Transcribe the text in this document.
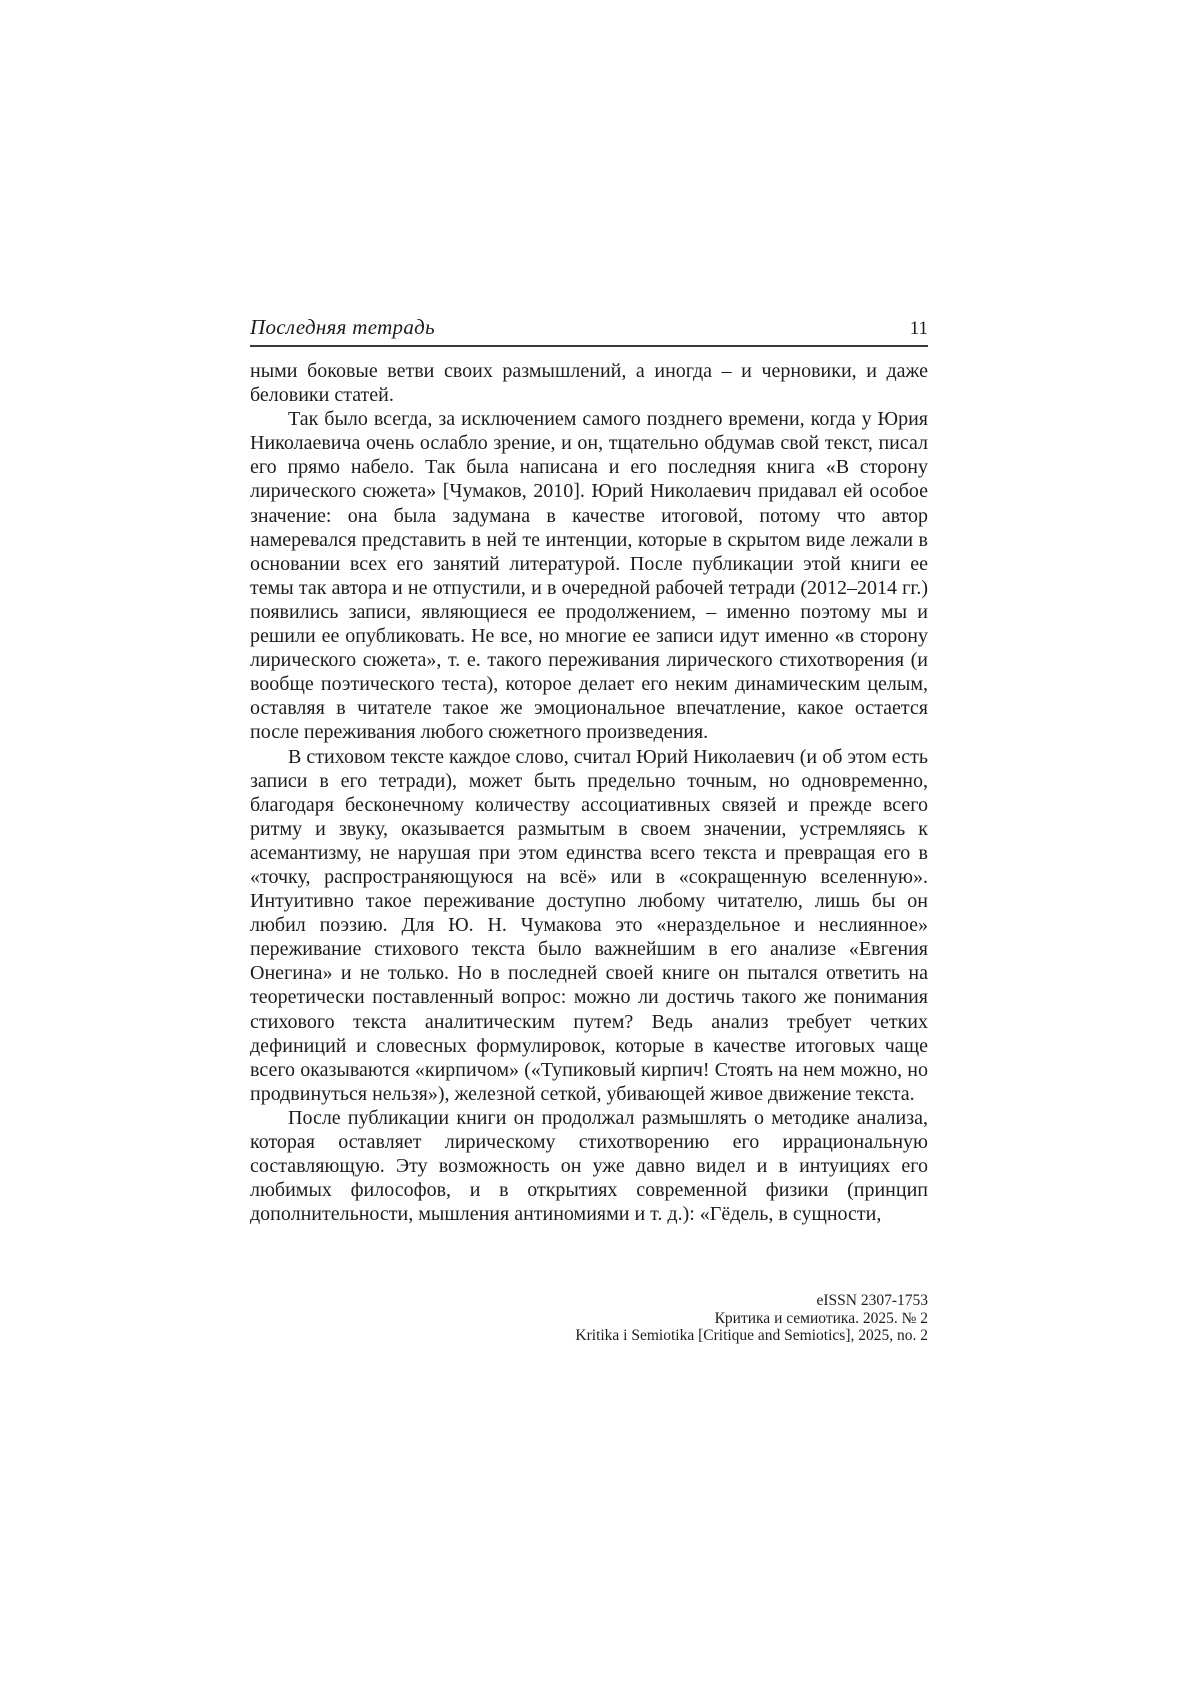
Последняя тетрадь	11

ными боковые ветви своих размышлений, а иногда – и черновики, и даже беловики статей.

Так было всегда, за исключением самого позднего времени, когда у Юрия Николаевича очень ослабло зрение, и он, тщательно обдумав свой текст, писал его прямо набело. Так была написана и его последняя книга «В сторону лирического сюжета» [Чумаков, 2010]. Юрий Николаевич придавал ей особое значение: она была задумана в качестве итоговой, потому что автор намеревался представить в ней те интенции, которые в скрытом виде лежали в основании всех его занятий литературой. После публикации этой книги ее темы так автора и не отпустили, и в очередной рабочей тетради (2012–2014 гг.) появились записи, являющиеся ее продолжением, – именно поэтому мы и решили ее опубликовать. Не все, но многие ее записи идут именно «в сторону лирического сюжета», т. е. такого переживания лирического стихотворения (и вообще поэтического теста), которое делает его неким динамическим целым, оставляя в читателе такое же эмоциональное впечатление, какое остается после переживания любого сюжетного произведения.

В стиховом тексте каждое слово, считал Юрий Николаевич (и об этом есть записи в его тетради), может быть предельно точным, но одновременно, благодаря бесконечному количеству ассоциативных связей и прежде всего ритму и звуку, оказывается размытым в своем значении, устремляясь к асемантизму, не нарушая при этом единства всего текста и превращая его в «точку, распространяющуюся на всё» или в «сокращенную вселенную». Интуитивно такое переживание доступно любому читателю, лишь бы он любил поэзию. Для Ю. Н. Чумакова это «нераздельное и неслиянное» переживание стихового текста было важнейшим в его анализе «Евгения Онегина» и не только. Но в последней своей книге он пытался ответить на теоретически поставленный вопрос: можно ли достичь такого же понимания стихового текста аналитическим путем? Ведь анализ требует четких дефиниций и словесных формулировок, которые в качестве итоговых чаще всего оказываются «кирпичом» («Тупиковый кирпич! Стоять на нем можно, но продвинуться нельзя»), железной сеткой, убивающей живое движение текста.

После публикации книги он продолжал размышлять о методике анализа, которая оставляет лирическому стихотворению его иррациональную составляющую. Эту возможность он уже давно видел и в интуициях его любимых философов, и в открытиях современной физики (принцип дополнительности, мышления антиномиями и т. д.): «Гёдель, в сущности,

eISSN 2307-1753
Критика и семиотика. 2025. № 2
Kritika i Semiotika [Critique and Semiotics], 2025, no. 2
